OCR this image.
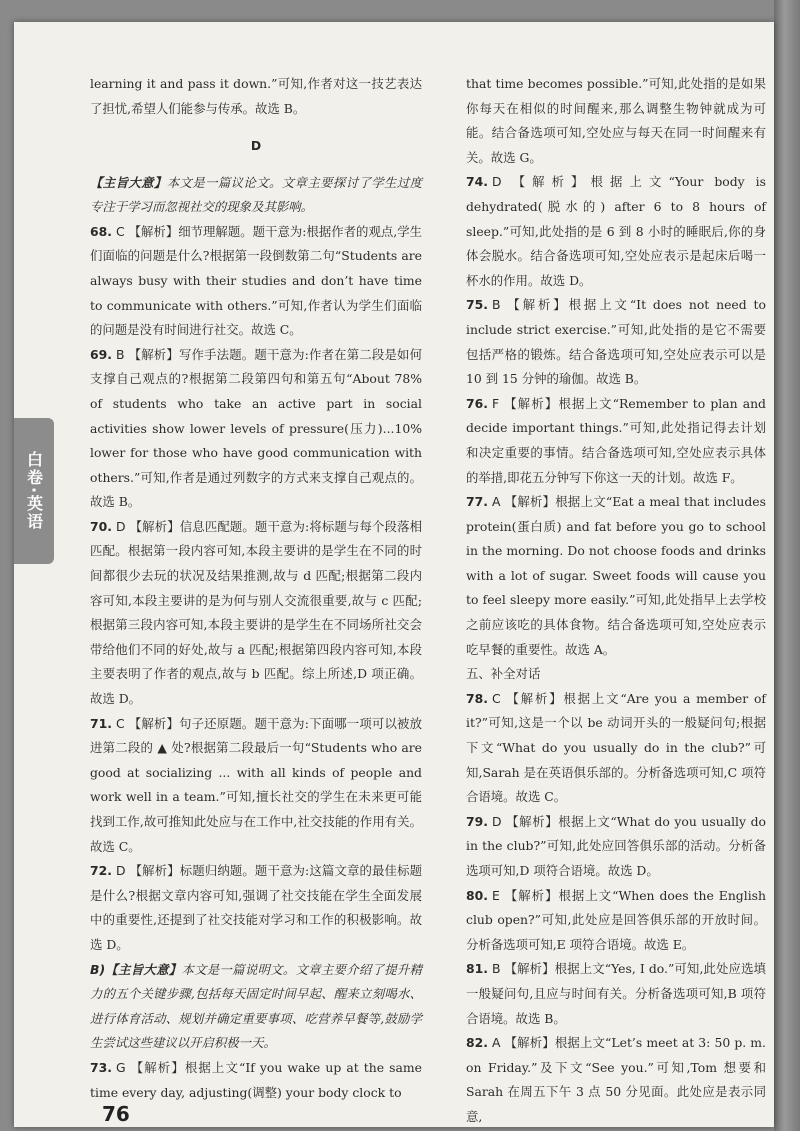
learning it and pass it down.”可知,作者对这一技艺表达了担忧,希望人们能参与传承。故选 B。

D

【主旨大意】本文是一篇议论文。文章主要探讨了学生过度专注于学习而忽视社交的现象及其影响。

68. C 【解析】细节理解题。题干意为:根据作者的观点,学生们面临的问题是什么?根据第一段倒数第二句“Students are always busy with their studies and don’t have time to communicate with others.”可知,作者认为学生们面临的问题是没有时间进行社交。故选 C。

69. B 【解析】写作手法题。题干意为:作者在第二段是如何支撑自己观点的?根据第二段第四句和第五句“About 78% of students who take an active part in social activities show lower levels of pressure(压力)...10% lower for those who have good communication with others.”可知,作者是通过列数字的方式来支撑自己观点的。故选 B。

70. D 【解析】信息匹配题。题干意为:将标题与每个段落相匹配。根据第一段内容可知,本段主要讲的是学生在不同的时间都很少去玩的状况及结果推测,故与 d 匹配;根据第二段内容可知,本段主要讲的是为何与别人交流很重要,故与 c 匹配;根据第三段内容可知,本段主要讲的是学生在不同场所社交会带给他们不同的好处,故与 a 匹配;根据第四段内容可知,本段主要表明了作者的观点,故与 b 匹配。综上所述,D 项正确。故选 D。

71. C 【解析】句子还原题。题干意为:下面哪一项可以被放进第二段的 ▲ 处?根据第二段最后一句“Students who are good at socializing ... with all kinds of people and work well in a team.”可知,擅长社交的学生在未来更可能找到工作,故可推知此处应与在工作中,社交技能的作用有关。故选 C。

72. D 【解析】标题归纳题。题干意为:这篇文章的最佳标题是什么?根据文章内容可知,强调了社交技能在学生全面发展中的重要性,还提到了社交技能对学习和工作的积极影响。故选 D。

B)【主旨大意】本文是一篇说明文。文章主要介绍了提升精力的五个关键步骤,包括每天固定时间早起、醒来立刻喝水、进行体育活动、规划并确定重要事项、吃营养早餐等,鼓励学生尝试这些建议以开启积极一天。

73. G 【解析】根据上文“If you wake up at the same time every day, adjusting(调整) your body clock to

that time becomes possible.”可知,此处指的是如果你每天在相似的时间醒来,那么调整生物钟就成为可能。结合备选项可知,空处应与每天在同一时间醒来有关。故选 G。

74. D 【解析】根据上文“Your body is dehydrated(脱水的) after 6 to 8 hours of sleep.”可知,此处指的是 6 到 8 小时的睡眠后,你的身体会脱水。结合备选项可知,空处应表示是起床后喝一杯水的作用。故选 D。

75. B 【解析】根据上文“It does not need to include strict exercise.”可知,此处指的是它不需要包括严格的锻炼。结合备选项可知,空处应表示可以是 10 到 15 分钟的瑜伽。故选 B。

76. F 【解析】根据上文“Remember to plan and decide important things.”可知,此处指记得去计划和决定重要的事情。结合备选项可知,空处应表示具体的举措,即花五分钟写下你这一天的计划。故选 F。

77. A 【解析】根据上文“Eat a meal that includes protein(蛋白质) and fat before you go to school in the morning. Do not choose foods and drinks with a lot of sugar. Sweet foods will cause you to feel sleepy more easily.”可知,此处指早上去学校之前应该吃的具体食物。结合备选项可知,空处应表示吃早餐的重要性。故选 A。

五、补全对话

78. C 【解析】根据上文“Are you a member of it?”可知,这是一个以 be 动词开头的一般疑问句;根据下文“What do you usually do in the club?”可知,Sarah 是在英语俱乐部的。分析备选项可知,C 项符合语境。故选 C。

79. D 【解析】根据上文“What do you usually do in the club?”可知,此处应回答俱乐部的活动。分析备选项可知,D 项符合语境。故选 D。

80. E 【解析】根据上文“When does the English club open?”可知,此处应是回答俱乐部的开放时间。分析备选项可知,E 项符合语境。故选 E。

81. B 【解析】根据上文“Yes, I do.”可知,此处应选填一般疑问句,且应与时间有关。分析备选项可知,B 项符合语境。故选 B。

82. A 【解析】根据上文“Let’s meet at 3: 50 p. m. on Friday.”及下文“See you.”可知,Tom 想要和 Sarah 在周五下午 3 点 50 分见面。此处应是表示同意,

76
白卷·英语
